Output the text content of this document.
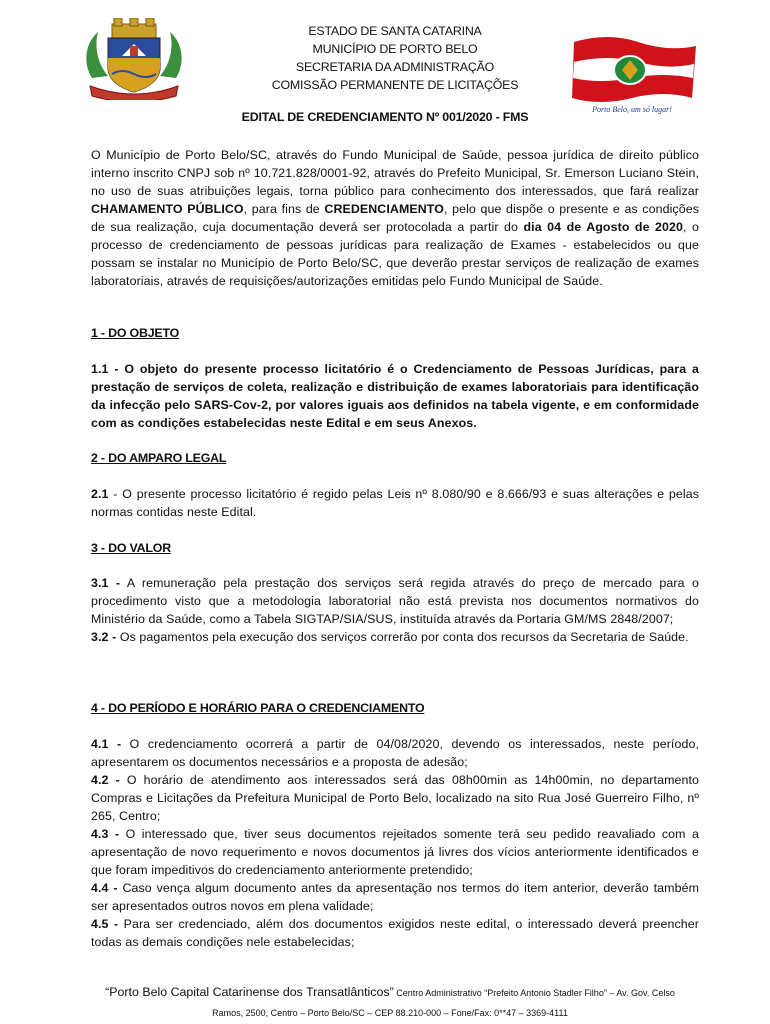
ESTADO DE SANTA CATARINA
MUNICÍPIO DE PORTO BELO
SECRETARIA DA ADMINISTRAÇÃO
COMISSÃO PERMANENTE DE LICITAÇÕES
Porto Belo, um só lugar!
EDITAL DE CREDENCIAMENTO Nº 001/2020 - FMS
O Município de Porto Belo/SC, através do Fundo Municipal de Saúde, pessoa jurídica de direito público interno inscrito CNPJ sob nº 10.721.828/0001-92, através do Prefeito Municipal, Sr. Emerson Luciano Stein, no uso de suas atribuições legais, torna público para conhecimento dos interessados, que fará realizar CHAMAMENTO PÚBLICO, para fins de CREDENCIAMENTO, pelo que dispõe o presente e as condições de sua realização, cuja documentação deverá ser protocolada a partir do dia 04 de Agosto de 2020, o processo de credenciamento de pessoas jurídicas para realização de Exames - estabelecidos ou que possam se instalar no Município de Porto Belo/SC, que deverão prestar serviços de realização de exames laboratoriais, através de requisições/autorizações emitidas pelo Fundo Municipal de Saúde.
1 - DO OBJETO
1.1 - O objeto do presente processo licitatório é o Credenciamento de Pessoas Jurídicas, para a prestação de serviços de coleta, realização e distribuição de exames laboratoriais para identificação da infecção pelo SARS-Cov-2, por valores iguais aos definidos na tabela vigente, e em conformidade com as condições estabelecidas neste Edital e em seus Anexos.
2 - DO AMPARO LEGAL
2.1 - O presente processo licitatório é regido pelas Leis nº 8.080/90 e 8.666/93 e suas alterações e pelas normas contidas neste Edital.
3 - DO VALOR

3.1 - A remuneração pela prestação dos serviços será regida através do preço de mercado para o procedimento visto que a metodologia laboratorial não está prevista nos documentos normativos do Ministério da Saúde, como a Tabela SIGTAP/SIA/SUS, instituída através da Portaria GM/MS 2848/2007;

3.2 - Os pagamentos pela execução dos serviços correrão por conta dos recursos da Secretaria de Saúde.

4 - DO PERÍODO E HORÁRIO PARA O CREDENCIAMENTO

4.1 - O credenciamento ocorrerá a partir de 04/08/2020, devendo os interessados, neste período, apresentarem os documentos necessários e a proposta de adesão;

4.2 - O horário de atendimento aos interessados será das 08h00min as 14h00min, no departamento Compras e Licitações da Prefeitura Municipal de Porto Belo, localizado na sito Rua José Guerreiro Filho, nº 265, Centro;

4.3 - O interessado que, tiver seus documentos rejeitados somente terá seu pedido reavaliado com a apresentação de novo requerimento e novos documentos já livres dos vícios anteriormente identificados e que foram impeditivos do credenciamento anteriormente pretendido;

4.4 - Caso vença algum documento antes da apresentação nos termos do item anterior, deverão também ser apresentados outros novos em plena validade;

4.5 - Para ser credenciado, além dos documentos exigidos neste edital, o interessado deverá preencher todas as demais condições nele estabelecidas;

“Porto Belo Capital Catarinense dos Transatlânticos” Centro Administrativo “Prefeito Antonio Stadler Filho” – Av. Gov. Celso
Ramos, 2500, Centro – Porto Belo/SC – CEP 88.210-000 – Fone/Fax: 0**47 – 3369-4111
